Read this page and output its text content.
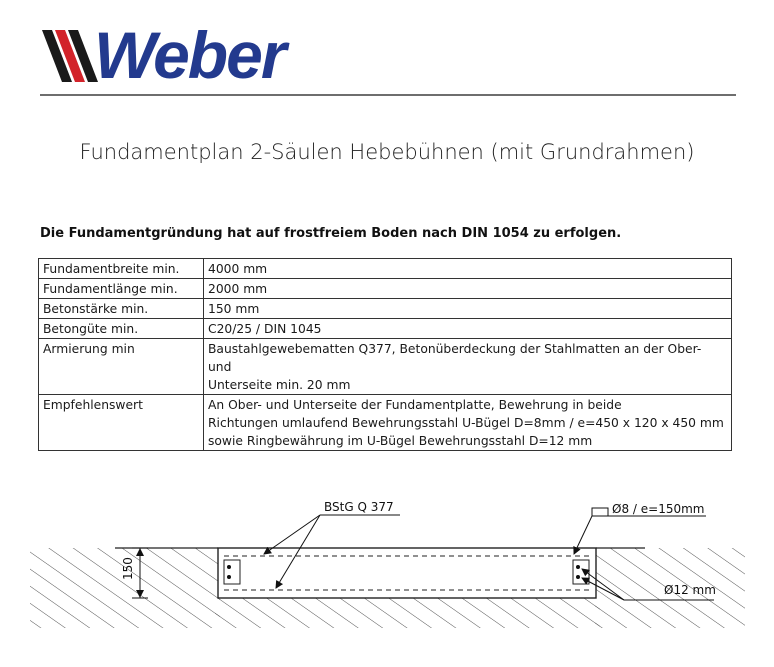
Weber
Fundamentplan 2-Säulen Hebebühnen (mit Grundrahmen)
Die Fundamentgründung hat auf frostfreiem Boden nach DIN 1054 zu erfolgen.
Fundamentbreite min.	4000 mm
Fundamentlänge min.	2000 mm
Betonstärke min.	150 mm
Betongüte min.	C20/25 / DIN 1045
Armierung min	Baustahlgewebematten Q377, Betonüberdeckung der Stahlmatten an der Ober- und
Unterseite min. 20 mm
Empfehlenswert	An Ober- und Unterseite der Fundamentplatte, Bewehrung in beide
Richtungen umlaufend Bewehrungsstahl U-Bügel D=8mm / e=450 x 120 x 450 mm
sowie Ringbewährung im U-Bügel Bewehrungsstahl D=12 mm
150
BStG Q 377	Ø8 / e=150mm
Ø12 mm
